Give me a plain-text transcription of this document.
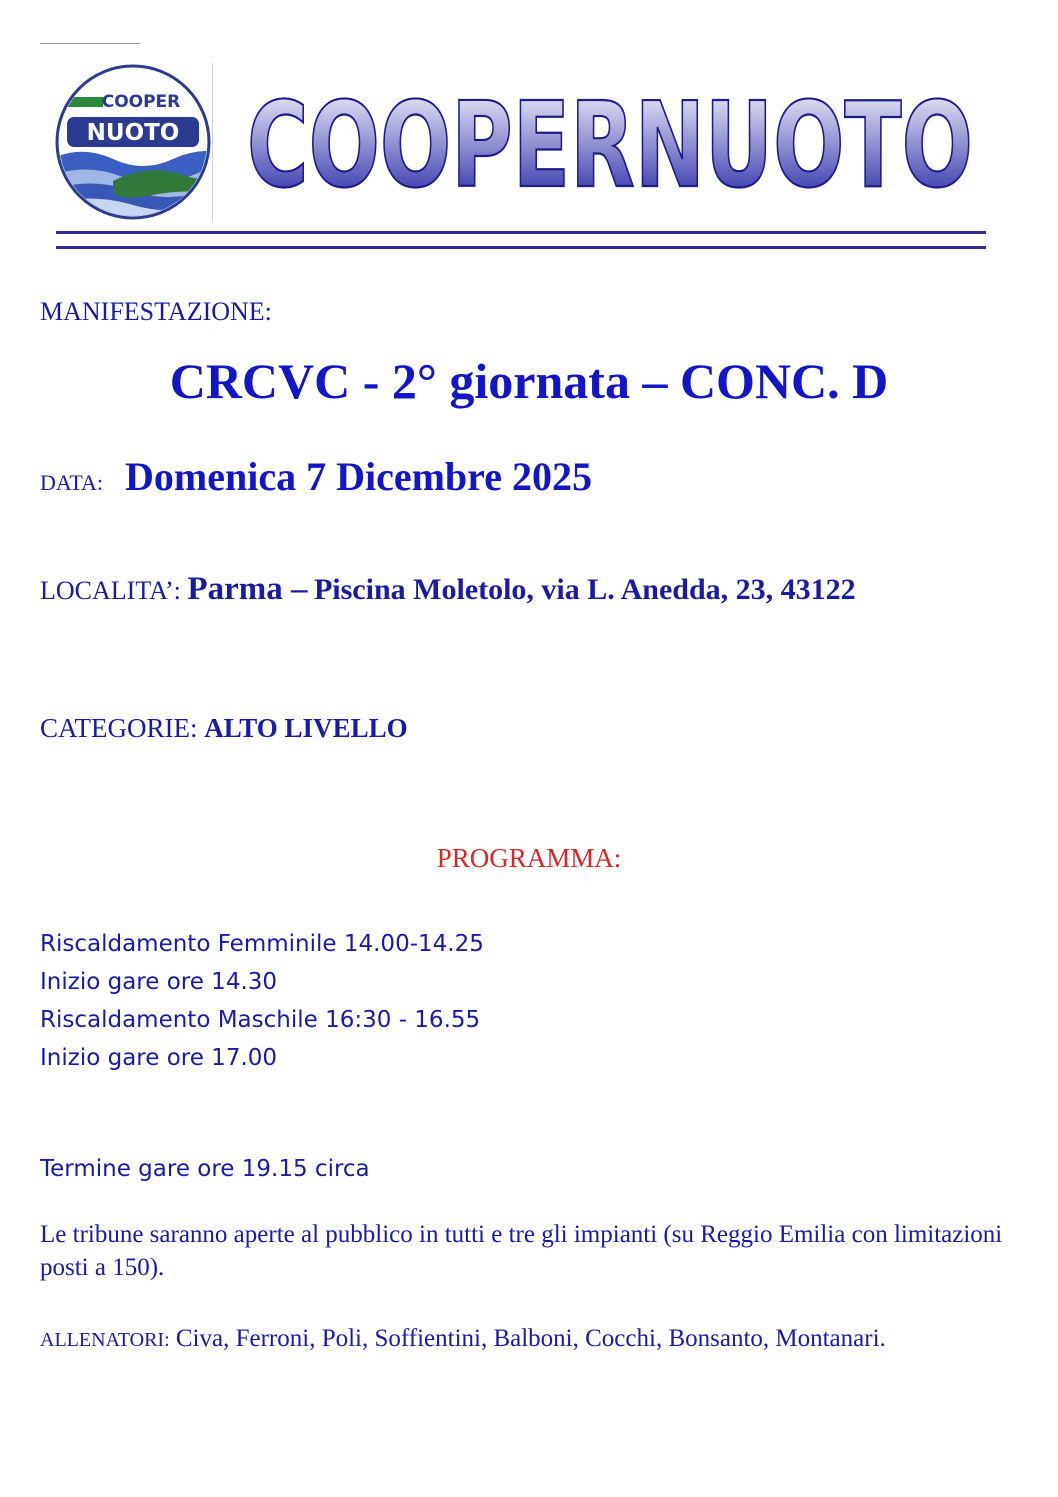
COOPER
NUOTO COOPERNUOTO
MANIFESTAZIONE:
CRCVC - 2° giornata – CONC. D
DATA: Domenica 7 Dicembre 2025
LOCALITA’: Parma – Piscina Moletolo, via L. Anedda, 23, 43122
CATEGORIE: ALTO LIVELLO
PROGRAMMA:
Riscaldamento Femminile 14.00-14.25
Inizio gare ore 14.30
Riscaldamento Maschile 16:30 - 16.55
Inizio gare ore 17.00
Termine gare ore 19.15 circa
Le tribune saranno aperte al pubblico in tutti e tre gli impianti (su Reggio Emilia con limitazioni posti a 150).
ALLENATORI: Civa, Ferroni, Poli, Soffientini, Balboni, Cocchi, Bonsanto, Montanari.
